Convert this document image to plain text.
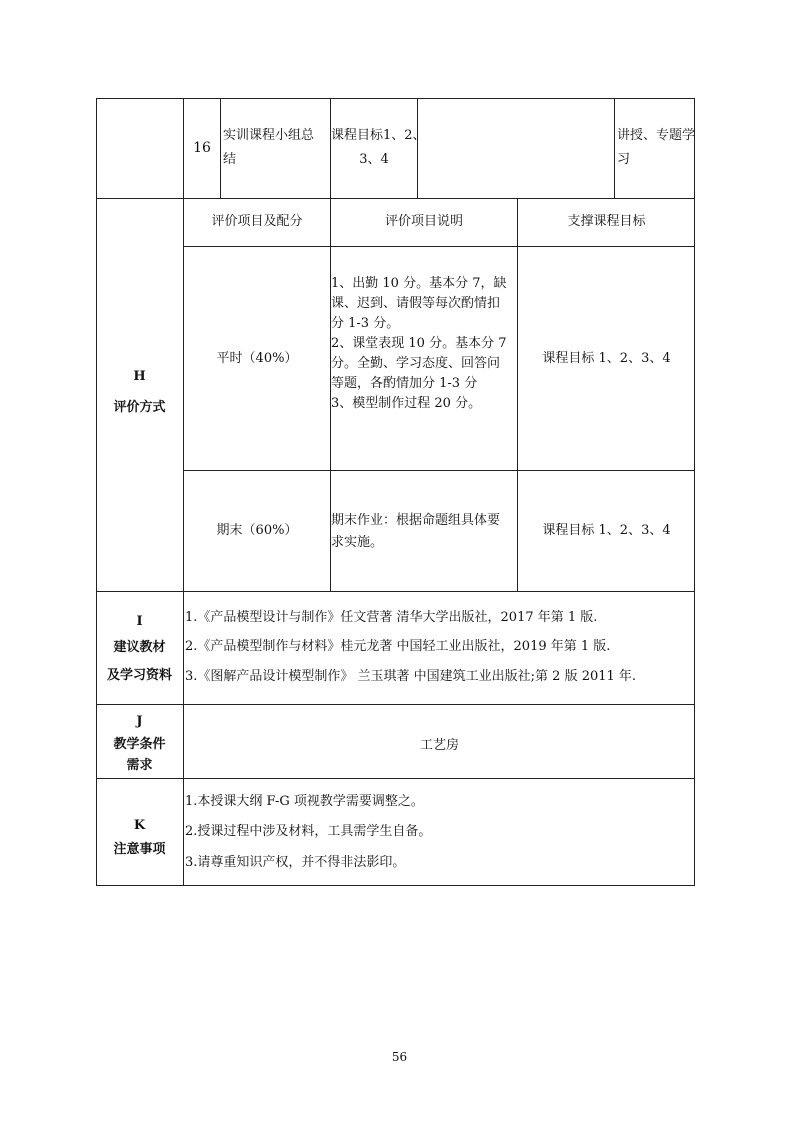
16
实训课程小组总
结
课程目标1、2、
3、4
讲授、专题学
习
H
评价方式
评价项目及配分	评价项目说明	支撑课程目标
平时（40%）
1、出勤 10 分。基本分 7，缺
课、迟到、请假等每次酌情扣
分 1-3 分。
2、课堂表现 10 分。基本分 7
分。全勤、学习态度、回答问
等题，各酌情加分 1-3 分
3、模型制作过程 20 分。
课程目标 1、2、3、4
期末（60%）
期末作业：根据命题组具体要
求实施。
课程目标 1、2、3、4
I
建议教材
及学习资料
1.《产品模型设计与制作》任文营著 清华大学出版社，2017 年第 1 版.
2.《产品模型制作与材料》桂元龙著 中国轻工业出版社，2019 年第 1 版.
3.《图解产品设计模型制作》 兰玉琪著 中国建筑工业出版社;第 2 版 2011 年.
J
教学条件
需求
工艺房
K
注意事项
1.本授课大纲 F-G 项视教学需要调整之。
2.授课过程中涉及材料，工具需学生自备。
3.请尊重知识产权，并不得非法影印。
56
